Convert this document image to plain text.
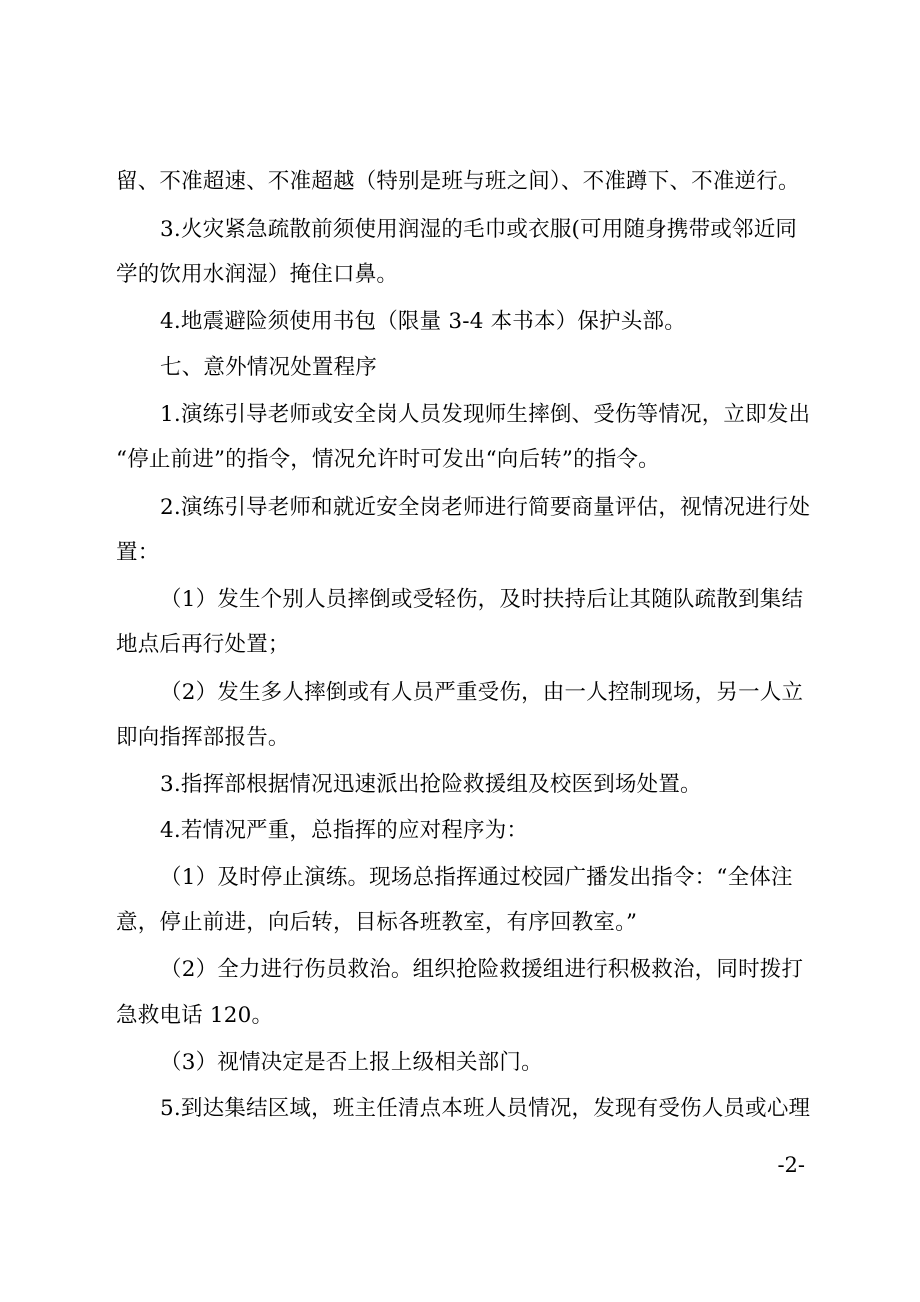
留、不准超速、不准超越（特别是班与班之间）、不准蹲下、不准逆行。
3.火灾紧急疏散前须使用润湿的毛巾或衣服(可用随身携带或邻近同
学的饮用水润湿）掩住口鼻。
4.地震避险须使用书包（限量 3-4 本书本）保护头部。
七、意外情况处置程序
1.演练引导老师或安全岗人员发现师生摔倒、受伤等情况，立即发出
“停止前进”的指令，情况允许时可发出“向后转”的指令。
2.演练引导老师和就近安全岗老师进行简要商量评估，视情况进行处
置：
（1）发生个别人员摔倒或受轻伤，及时扶持后让其随队疏散到集结
地点后再行处置；
（2）发生多人摔倒或有人员严重受伤，由一人控制现场，另一人立
即向指挥部报告。
3.指挥部根据情况迅速派出抢险救援组及校医到场处置。
4.若情况严重，总指挥的应对程序为：
（1）及时停止演练。现场总指挥通过校园广播发出指令：“全体注
意，停止前进，向后转，目标各班教室，有序回教室。”
（2）全力进行伤员救治。组织抢险救援组进行积极救治，同时拨打
急救电话 120。
（3）视情决定是否上报上级相关部门。
5.到达集结区域，班主任清点本班人员情况，发现有受伤人员或心理
-2-
